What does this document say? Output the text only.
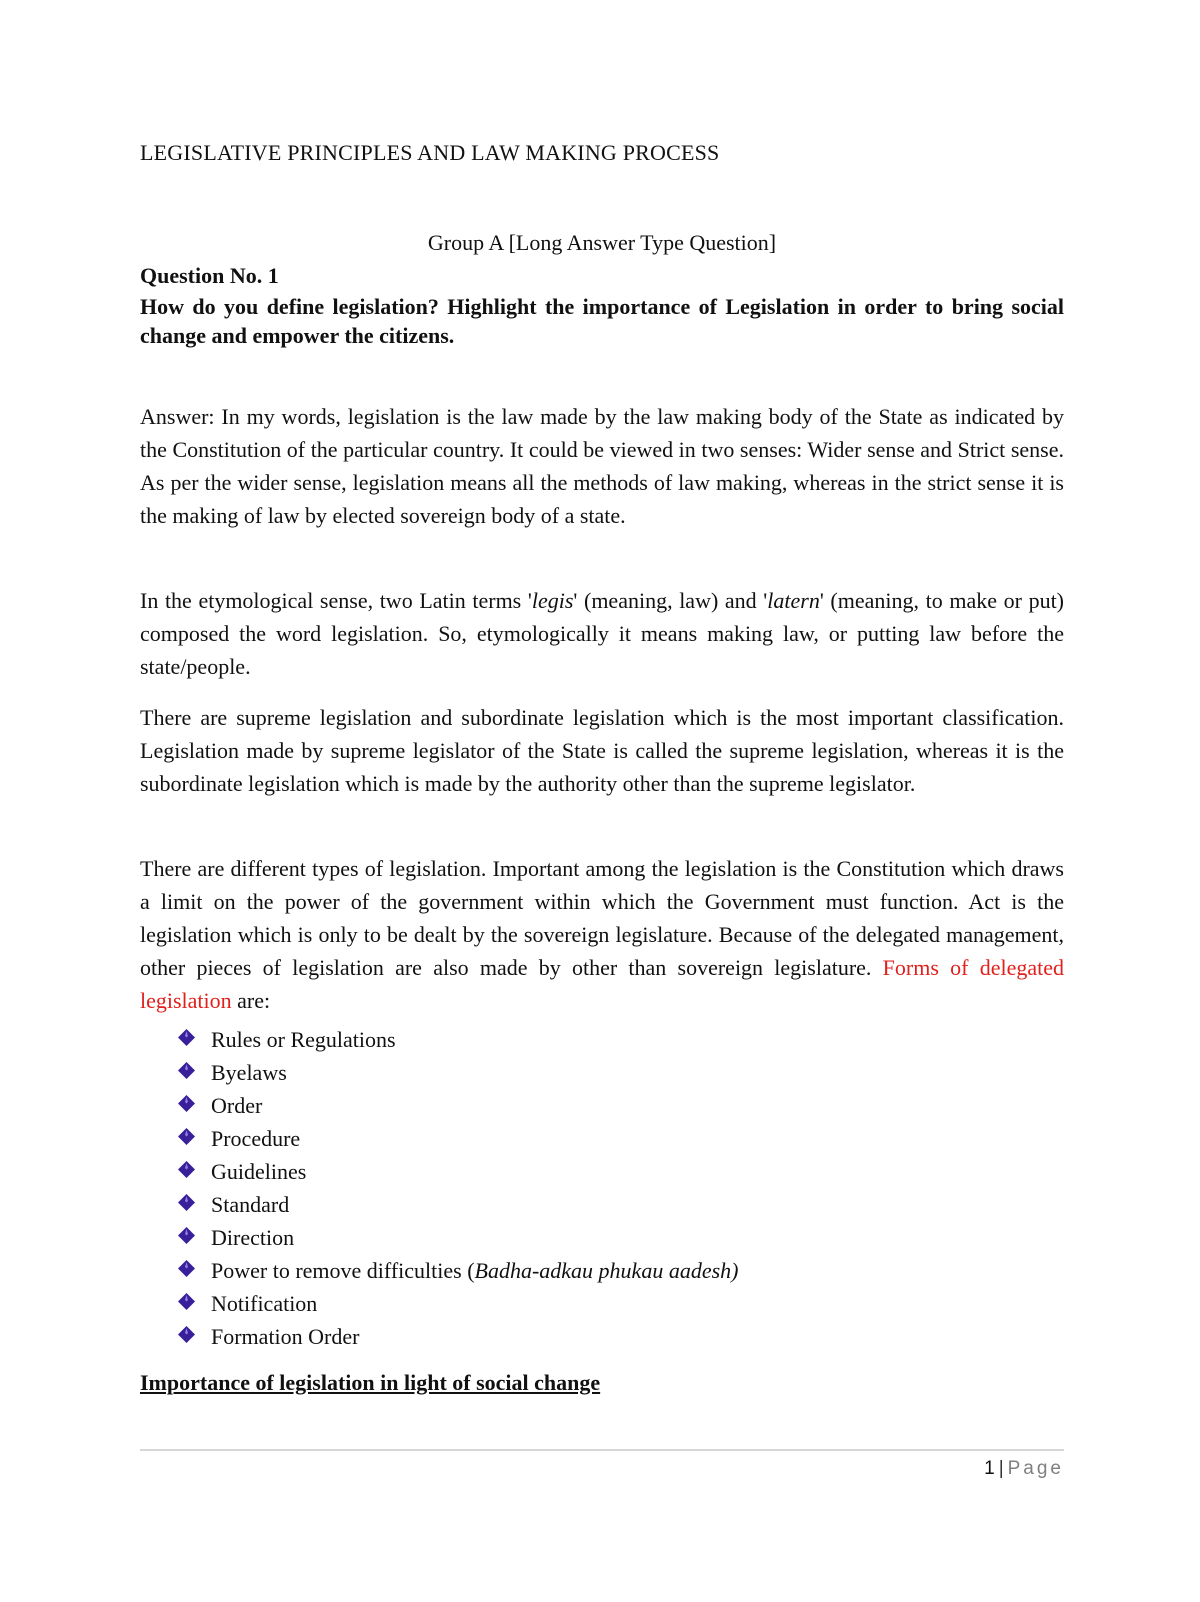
LEGISLATIVE PRINCIPLES AND LAW MAKING PROCESS
Group A [Long Answer Type Question]
Question No. 1
How do you define legislation? Highlight the importance of Legislation in order to bring social change and empower the citizens.

Answer: In my words, legislation is the law made by the law making body of the State as indicated by the Constitution of the particular country. It could be viewed in two senses: Wider sense and Strict sense. As per the wider sense, legislation means all the methods of law making, whereas in the strict sense it is the making of law by elected sovereign body of a state.

In the etymological sense, two Latin terms 'legis' (meaning, law) and 'latern' (meaning, to make or put) composed the word legislation. So, etymologically it means making law, or putting law before the state/people.

There are supreme legislation and subordinate legislation which is the most important classification. Legislation made by supreme legislator of the State is called the supreme legislation, whereas it is the subordinate legislation which is made by the authority other than the supreme legislator.

There are different types of legislation. Important among the legislation is the Constitution which draws a limit on the power of the government within which the Government must function. Act is the legislation which is only to be dealt by the sovereign legislature. Because of the delegated management, other pieces of legislation are also made by other than sovereign legislature. Forms of delegated legislation are:

Rules or Regulations
Byelaws
Order
Procedure
Guidelines
Standard
Direction
Power to remove difficulties (Badha-adkau phukau aadesh)
Notification
Formation Order
Importance of legislation in light of social change
1 | Page
